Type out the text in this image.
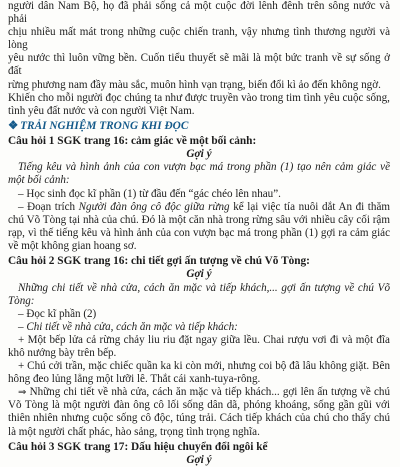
người dân Nam Bộ, họ đã phải sống cả một cuộc đời lênh đênh trên sông nước và phải

chịu nhiều mất mát trong những cuộc chiến tranh, vậy nhưng tình thương người và lòng

yêu nước thì luôn vững bền. Cuốn tiểu thuyết sẽ mãi là một bức tranh về sự sống ở đất

rừng phương nam đầy màu sắc, muôn hình vạn trạng, biến đổi kì ảo đến không ngờ.

Khiến cho mỗi người đọc chúng ta như được truyền vào trong tim tình yêu cuộc sống,

tình yêu đất nước và con người Việt Nam.

❖ TRẢI NGHIỆM TRONG KHI ĐỌC

Câu hỏi 1 SGK trang 16: cảm giác về một bối cảnh:

Gợi ý

Tiếng kêu và hình ảnh của con vượn bạc má trong phần (1) tạo nên cảm giác về một bối cảnh:

– Học sinh đọc kĩ phần (1) từ đầu đến “gác chéo lên nhau”.

– Đoạn trích Người đàn ông cô độc giữa rừng kể lại việc tía nuôi dắt An đi thăm chú Võ Tòng tại nhà của chú. Đó là một căn nhà trong rừng sâu với nhiều cây cối rậm rạp, vì thế tiếng kêu và hình ảnh của con vượn bạc má trong phần (1) gợi ra cảm giác về một không gian hoang sơ.

Câu hỏi 2 SGK trang 16: chi tiết gợi ấn tượng về chú Võ Tòng:

Gợi ý

Những chi tiết về nhà cửa, cách ăn mặc và tiếp khách,... gợi ấn tượng về chú Võ Tòng:

– Đọc kĩ phần (2)

– Chi tiết về nhà cửa, cách ăn mặc và tiếp khách:

+ Một bếp lửa cả rừng chảy liu riu đặt ngay giữa lều. Chai rượu vơi đi và một đĩa khô nướng bày trên bếp.

+ Chú cởi trần, mặc chiếc quần ka ki còn mới, nhưng coi bộ đã lâu không giặt. Bên hông đeo lủng lẳng một lưỡi lê. Thắt cái xanh-tuya-rông.

⇒ Những chi tiết về nhà cửa, cách ăn mặc và tiếp khách... gợi lên ấn tượng về chú Võ Tòng là một người đàn ông cô lối sống dân dã, phóng khoáng, sống gần gũi với thiên nhiên nhưng cuộc sống cô độc, túng trải. Cách tiếp khách của chú cho thấy chú là một người chất phác, hào sảng, trọng tình trọng nghĩa.

Câu hỏi 3 SGK trang 17: Dấu hiệu chuyển đổi ngôi kể

Gợi ý
